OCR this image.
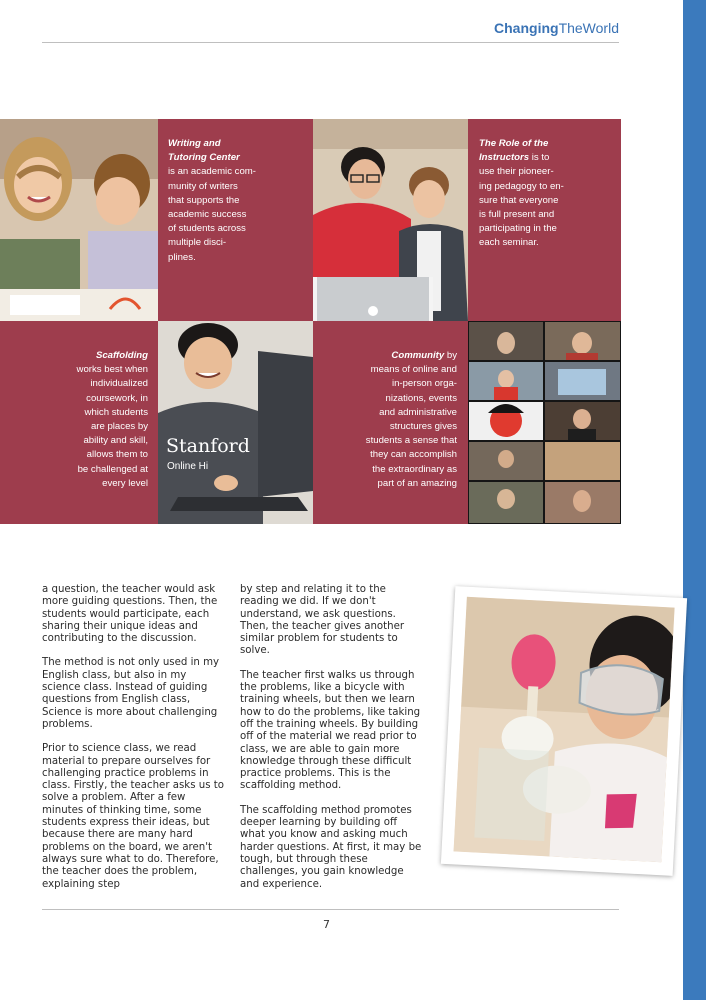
ChangingTheWorld
Writing and
Tutoring Center
is an academic com-
munity of writers
that supports the
academic success
of students across
multiple disci-
plines.
The Role of the
Instructors is to
use their pioneer-
ing pedagogy to en-
sure that everyone
is full present and
participating in the
each seminar.
Scaffolding
works best when
individualized
coursework, in
which students
are places by
ability and skill,
allows them to
be challenged at
every level
Stanford
Online Hi
Community by
means of online and
in-person orga-
nizations, events
and administrative
structures gives
students a sense that
they can accomplish
the extraordinary as
part of an amazing

a question, the teacher would ask more guiding questions. Then, the students would participate, each sharing their unique ideas and contributing to the discussion.

The method is not only used in my English class, but also in my science class. Instead of guiding questions from English class, Science is more about challenging problems.

Prior to science class, we read material to prepare ourselves for challenging practice problems in class. Firstly, the teacher asks us to solve a problem. After a few minutes of thinking time, some students express their ideas, but because there are many hard problems on the board, we aren't always sure what to do. Therefore, the teacher does the problem, explaining step

by step and relating it to the reading we did. If we don't understand, we ask questions. Then, the teacher gives another similar problem for students to solve.

The teacher first walks us through the problems, like a bicycle with training wheels, but then we learn how to do the problems, like taking off the training wheels. By building off of the material we read prior to class, we are able to gain more knowledge through these difficult practice problems. This is the scaffolding method.

The scaffolding method promotes deeper learning by building off what you know and asking much harder questions. At first, it may be tough, but through these challenges, you gain knowledge and experience.

7
